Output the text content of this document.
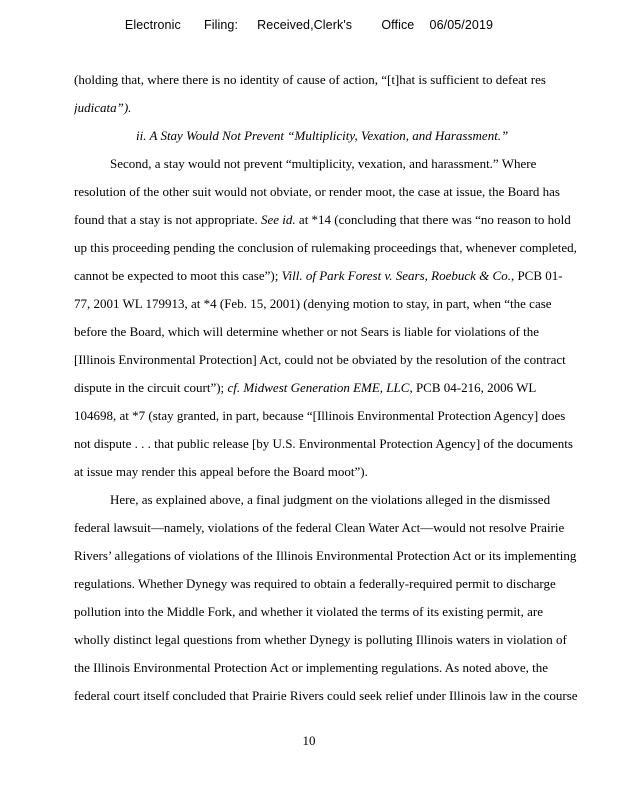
Electronic Filing: Received,Clerk's Office 06/05/2019
(holding that, where there is no identity of cause of action, “[t]hat is sufficient to defeat res
judicata”).
ii. A Stay Would Not Prevent “Multiplicity, Vexation, and Harassment.”
Second, a stay would not prevent “multiplicity, vexation, and harassment.” Where
resolution of the other suit would not obviate, or render moot, the case at issue, the Board has
found that a stay is not appropriate. See id. at *14 (concluding that there was “no reason to hold
up this proceeding pending the conclusion of rulemaking proceedings that, whenever completed,
cannot be expected to moot this case”); Vill. of Park Forest v. Sears, Roebuck & Co., PCB 01-
77, 2001 WL 179913, at *4 (Feb. 15, 2001) (denying motion to stay, in part, when “the case
before the Board, which will determine whether or not Sears is liable for violations of the
[Illinois Environmental Protection] Act, could not be obviated by the resolution of the contract
dispute in the circuit court”); cf. Midwest Generation EME, LLC, PCB 04-216, 2006 WL
104698, at *7 (stay granted, in part, because “[Illinois Environmental Protection Agency] does
not dispute . . . that public release [by U.S. Environmental Protection Agency] of the documents
at issue may render this appeal before the Board moot”).
Here, as explained above, a final judgment on the violations alleged in the dismissed
federal lawsuit—namely, violations of the federal Clean Water Act—would not resolve Prairie
Rivers’ allegations of violations of the Illinois Environmental Protection Act or its implementing
regulations. Whether Dynegy was required to obtain a federally-required permit to discharge
pollution into the Middle Fork, and whether it violated the terms of its existing permit, are
wholly distinct legal questions from whether Dynegy is polluting Illinois waters in violation of
the Illinois Environmental Protection Act or implementing regulations. As noted above, the
federal court itself concluded that Prairie Rivers could seek relief under Illinois law in the course
10
